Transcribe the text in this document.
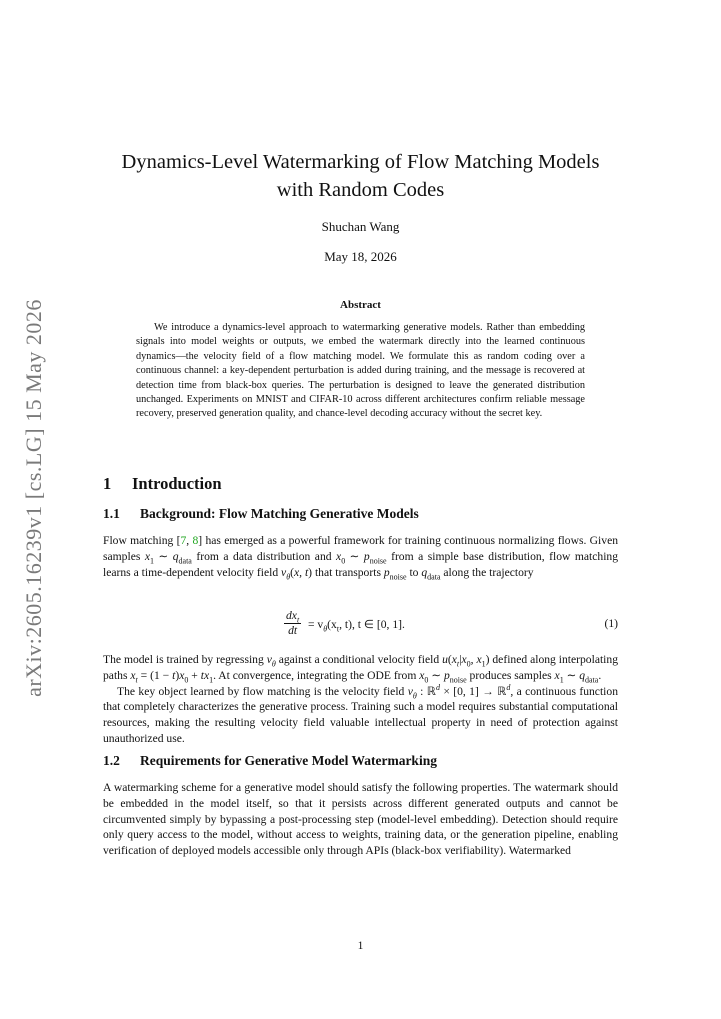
arXiv:2605.16239v1 [cs.LG] 15 May 2026
Dynamics-Level Watermarking of Flow Matching Models
with Random Codes
Shuchan Wang
May 18, 2026
Abstract

We introduce a dynamics-level approach to watermarking generative models. Rather than embedding signals into model weights or outputs, we embed the watermark directly into the learned continuous dynamics—the velocity field of a flow matching model. We formulate this as random coding over a continuous channel: a key-dependent perturbation is added during training, and the message is recovered at detection time from black-box queries. The perturbation is designed to leave the generated distribution unchanged. Experiments on MNIST and CIFAR-10 across different architectures confirm reliable message recovery, preserved generation quality, and chance-level decoding accuracy without the secret key.

1 Introduction
1.1 Background: Flow Matching Generative Models

Flow matching [7, 8] has emerged as a powerful framework for training continuous normalizing flows. Given samples $x_1$ ∼ $q_{data}$ from a data distribution and $x_0$ ∼ $p_{noise}$ from a simple base distribution, flow matching learns a time-dependent velocity field $v_\theta(x$, t) that transports $p_{noise}$ to $q_{data}$ along the trajectory

$dx_t$
dt = $v_\theta(x_t$, t), t ∈ [0, 1].	(1)

The model is trained by regressing $v_\theta$ against a conditional velocity field $u(x_t|x_0$, $x_1$) defined along interpolating paths $x_t = (1 - t)x_0 + tx_1$. At convergence, integrating the ODE from $x_0$ ∼ $p_{noise}$ produces samples $x_1$ ∼ $q_{data}$.
The key object learned by flow matching is the velocity field $v_\theta$ : ℝ$^d$ × [0, 1] → ℝ$^d$, a continuous function that completely characterizes the generative process. Training such a model requires substantial computational resources, making the resulting velocity field valuable intellectual property in need of protection against unauthorized use.

1.2 Requirements for Generative Model Watermarking

A watermarking scheme for a generative model should satisfy the following properties. The watermark should be embedded in the model itself, so that it persists across different generated outputs and cannot be circumvented simply by bypassing a post-processing step (model-level embedding). Detection should require only query access to the model, without access to weights, training data, or the generation pipeline, enabling verification of deployed models accessible only through APIs (black-box verifiability). Watermarked

1
